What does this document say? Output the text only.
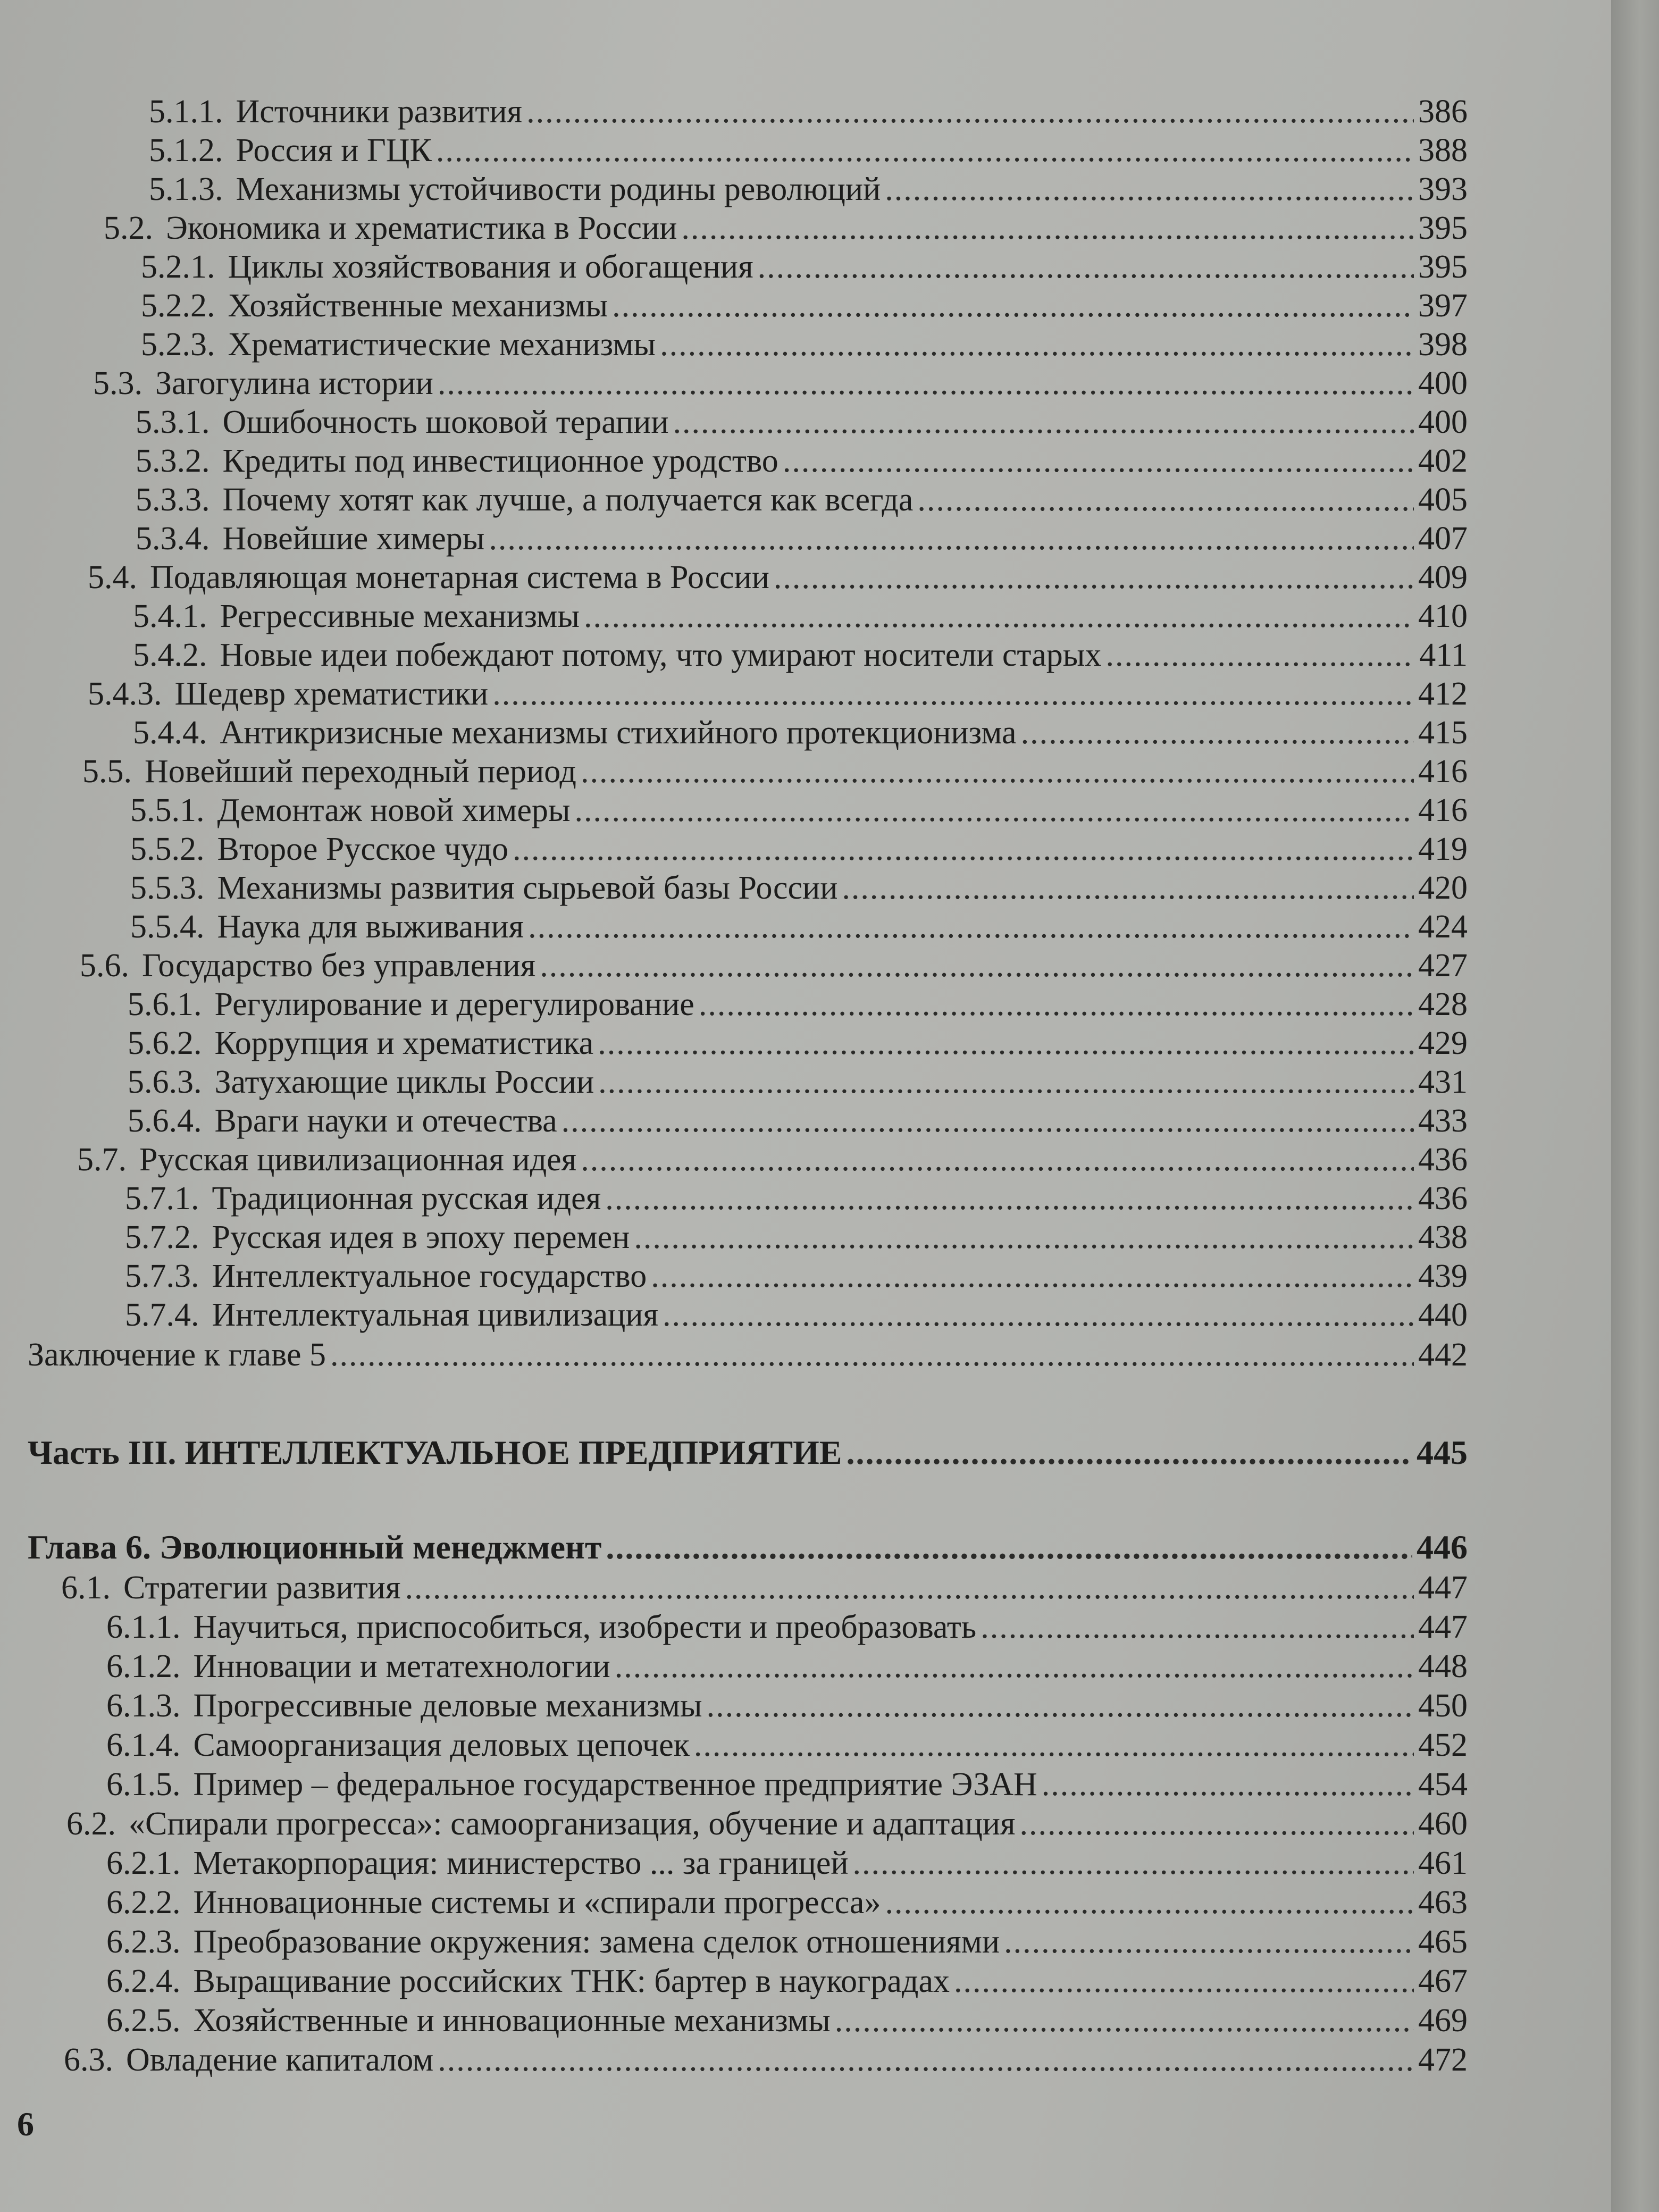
5.1.1. Источники развития .....	386
5.1.2. Россия и ГЦК .....	388
5.1.3. Механизмы устойчивости родины революций .....	393
5.2. Экономика и хрематистика в России .....	395
5.2.1. Циклы хозяйствования и обогащения .....	395
5.2.2. Хозяйственные механизмы .....	397
5.2.3. Хрематистические механизмы .....	398
5.3. Загогулина истории .....	400
5.3.1. Ошибочность шоковой терапии .....	400
5.3.2. Кредиты под инвестиционное уродство .....	402
5.3.3. Почему хотят как лучше, а получается как всегда .....	405
5.3.4. Новейшие химеры .....	407
5.4. Подавляющая монетарная система в России .....	409
5.4.1. Регрессивные механизмы .....	410
5.4.2. Новые идеи побеждают потому, что умирают носители старых .....	411
5.4.3. Шедевр хрематистики .....	412
5.4.4. Антикризисные механизмы стихийного протекционизма .....	415
5.5. Новейший переходный период .....	416
5.5.1. Демонтаж новой химеры .....	416
5.5.2. Второе Русское чудо .....	419
5.5.3. Механизмы развития сырьевой базы России .....	420
5.5.4. Наука для выживания .....	424
5.6. Государство без управления .....	427
5.6.1. Регулирование и дерегулирование .....	428
5.6.2. Коррупция и хрематистика .....	429
5.6.3. Затухающие циклы России .....	431
5.6.4. Враги науки и отечества .....	433
5.7. Русская цивилизационная идея .....	436
5.7.1. Традиционная русская идея .....	436
5.7.2. Русская идея в эпоху перемен .....	438
5.7.3. Интеллектуальное государство .....	439
5.7.4. Интеллектуальная цивилизация .....	440
Заключение к главе 5 .....	442
Часть III. ИНТЕЛЛЕКТУАЛЬНОЕ ПРЕДПРИЯТИЕ .....	445
Глава 6. Эволюционный менеджмент .....	446
6.1. Стратегии развития .....	447
6.1.1. Научиться, приспособиться, изобрести и преобразовать .....	447
6.1.2. Инновации и метатехнологии .....	448
6.1.3. Прогрессивные деловые механизмы .....	450
6.1.4. Самоорганизация деловых цепочек .....	452
6.1.5. Пример – федеральное государственное предприятие ЭЗАН .....	454
6.2. «Спирали прогресса»: самоорганизация, обучение и адаптация .....	460
6.2.1. Метакорпорация: министерство ... за границей .....	461
6.2.2. Инновационные системы и «спирали прогресса» .....	463
6.2.3. Преобразование окружения: замена сделок отношениями .....	465
6.2.4. Выращивание российских ТНК: бартер в наукоградах .....	467
6.2.5. Хозяйственные и инновационные механизмы .....	469
6.3. Овладение капиталом .....	472
6
